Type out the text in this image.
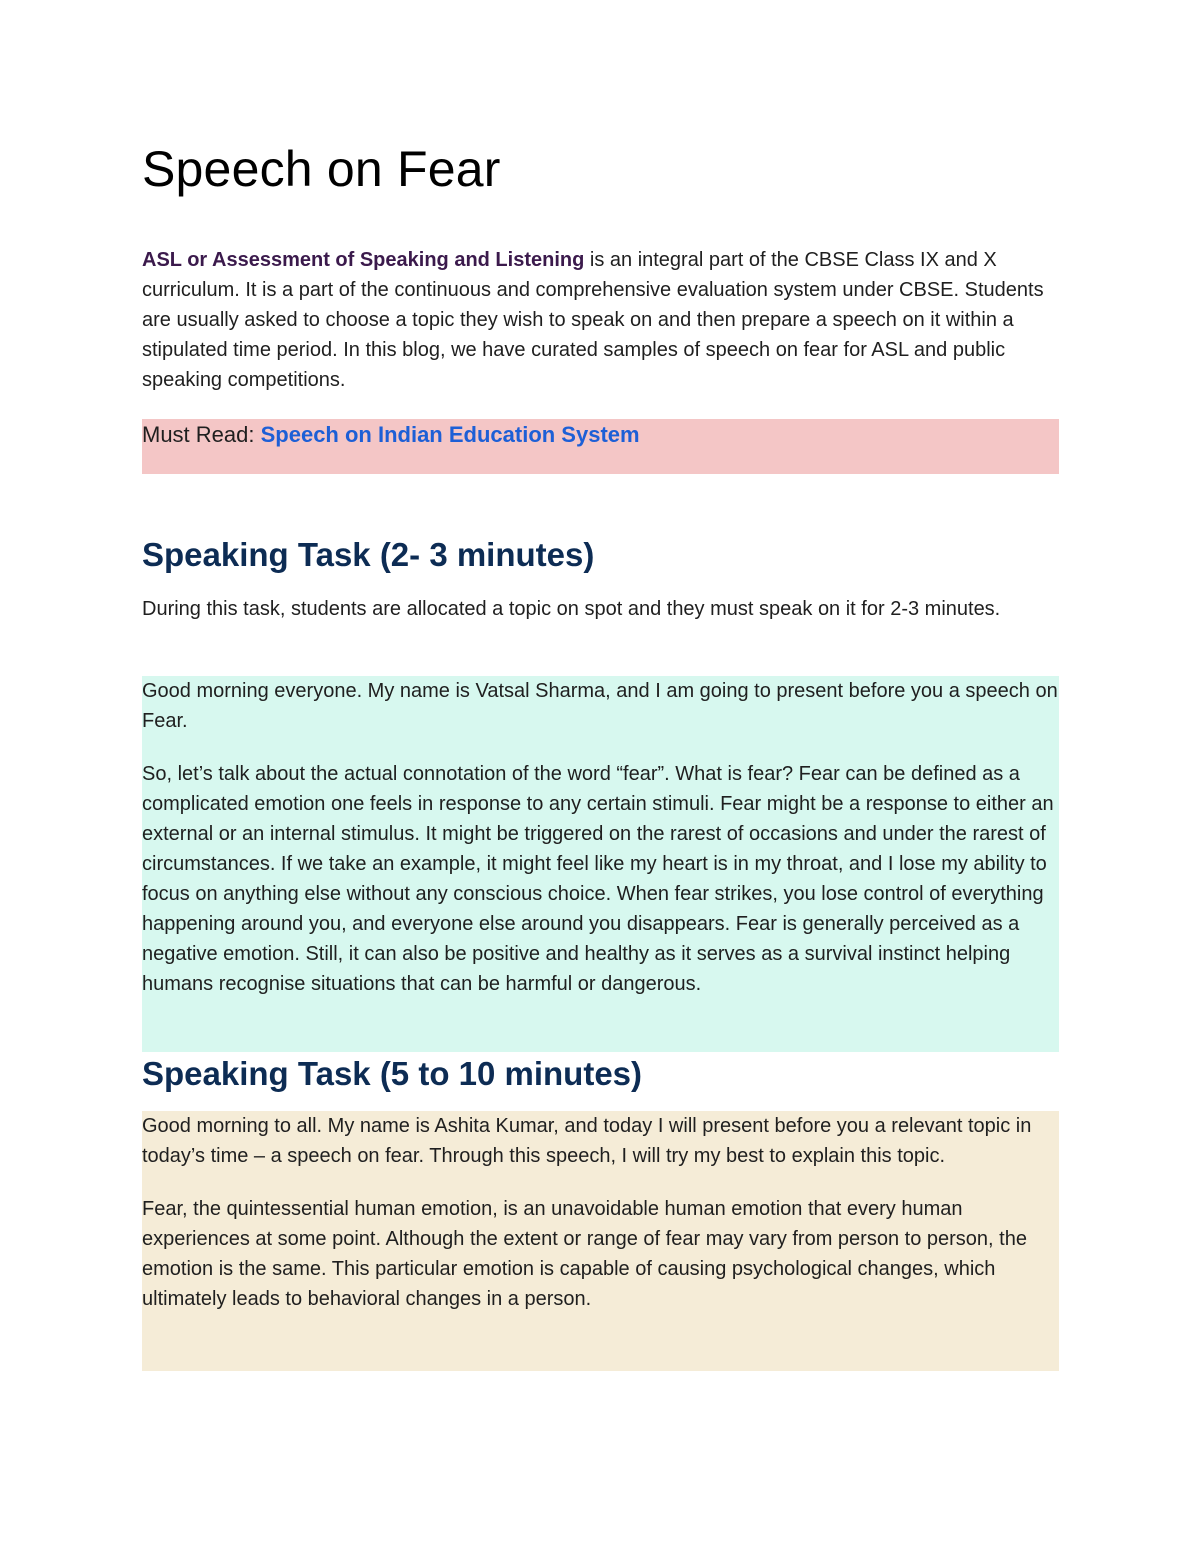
Speech on Fear

ASL or Assessment of Speaking and Listening is an integral part of the CBSE Class IX and X curriculum. It is a part of the continuous and comprehensive evaluation system under CBSE. Students are usually asked to choose a topic they wish to speak on and then prepare a speech on it within a stipulated time period. In this blog, we have curated samples of speech on fear for ASL and public speaking competitions.

Must Read: Speech on Indian Education System
Speaking Task (2- 3 minutes)

During this task, students are allocated a topic on spot and they must speak on it for 2-3 minutes.

Good morning everyone. My name is Vatsal Sharma, and I am going to present before you a speech on Fear.

So, let’s talk about the actual connotation of the word “fear”. What is fear? Fear can be defined as a complicated emotion one feels in response to any certain stimuli. Fear might be a response to either an external or an internal stimulus. It might be triggered on the rarest of occasions and under the rarest of circumstances. If we take an example, it might feel like my heart is in my throat, and I lose my ability to focus on anything else without any conscious choice. When fear strikes, you lose control of everything happening around you, and everyone else around you disappears. Fear is generally perceived as a negative emotion. Still, it can also be positive and healthy as it serves as a survival instinct helping humans recognise situations that can be harmful or dangerous.

Speaking Task (5 to 10 minutes)

Good morning to all. My name is Ashita Kumar, and today I will present before you a relevant topic in today’s time – a speech on fear. Through this speech, I will try my best to explain this topic.

Fear, the quintessential human emotion, is an unavoidable human emotion that every human experiences at some point. Although the extent or range of fear may vary from person to person, the emotion is the same. This particular emotion is capable of causing psychological changes, which ultimately leads to behavioral changes in a person.
